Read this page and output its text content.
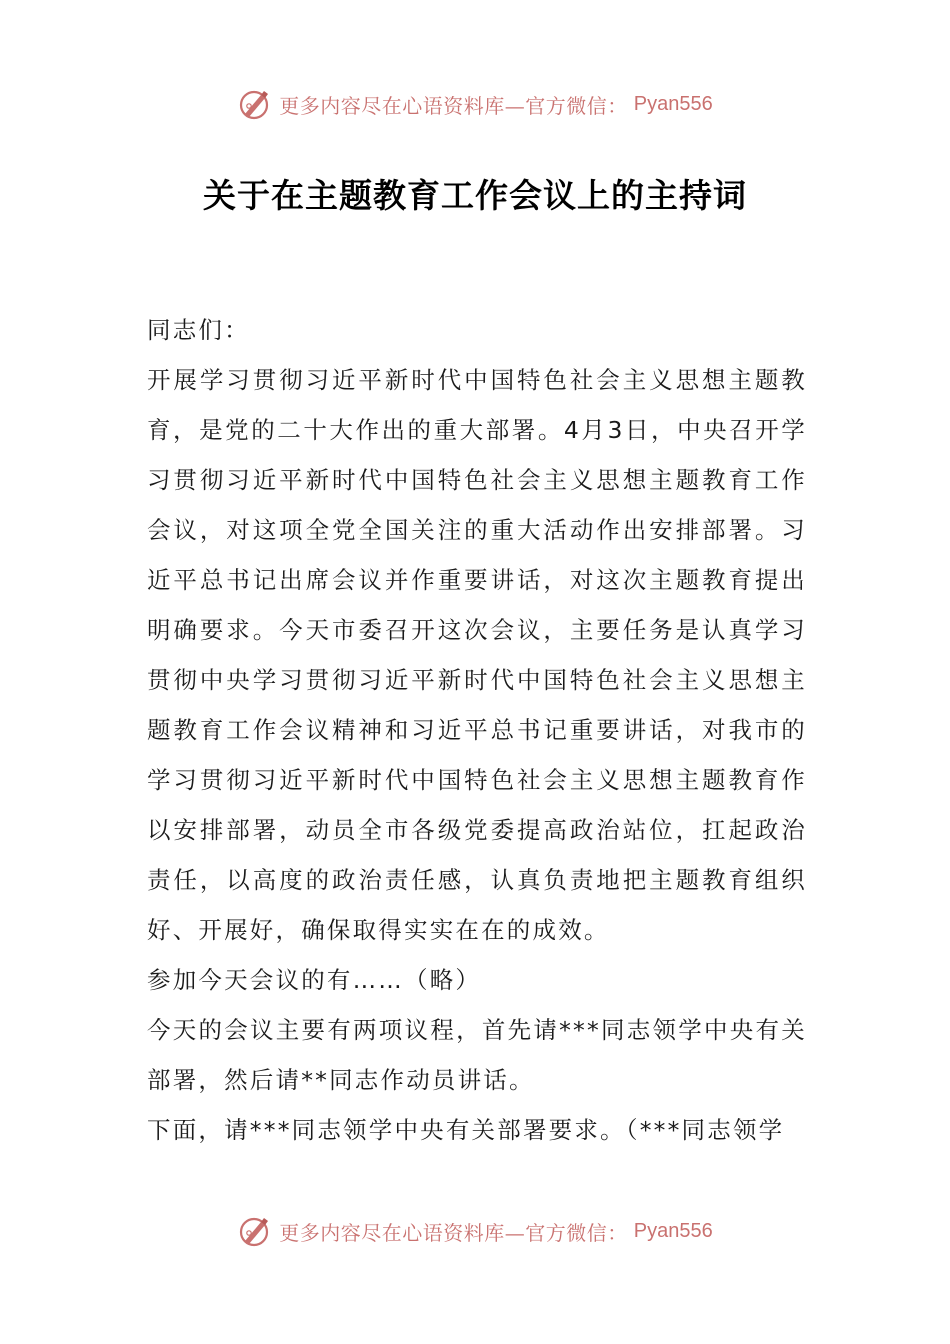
更多内容尽在心语资料库—官方微信： Pyan556
关于在主题教育工作会议上的主持词

同志们：

开展学习贯彻习近平新时代中国特色社会主义思想主题教育，是党的二十大作出的重大部署。4月3日，中央召开学习贯彻习近平新时代中国特色社会主义思想主题教育工作会议，对这项全党全国关注的重大活动作出安排部署。习近平总书记出席会议并作重要讲话，对这次主题教育提出明确要求。今天市委召开这次会议，主要任务是认真学习贯彻中央学习贯彻习近平新时代中国特色社会主义思想主题教育工作会议精神和习近平总书记重要讲话，对我市的学习贯彻习近平新时代中国特色社会主义思想主题教育作以安排部署，动员全市各级党委提高政治站位，扛起政治责任，以高度的政治责任感，认真负责地把主题教育组织好、开展好，确保取得实实在在的成效。

参加今天会议的有……（略）

今天的会议主要有两项议程，首先请***同志领学中央有关部署，然后请**同志作动员讲话。

下面，请***同志领学中央有关部署要求。（***同志领学

更多内容尽在心语资料库—官方微信： Pyan556
